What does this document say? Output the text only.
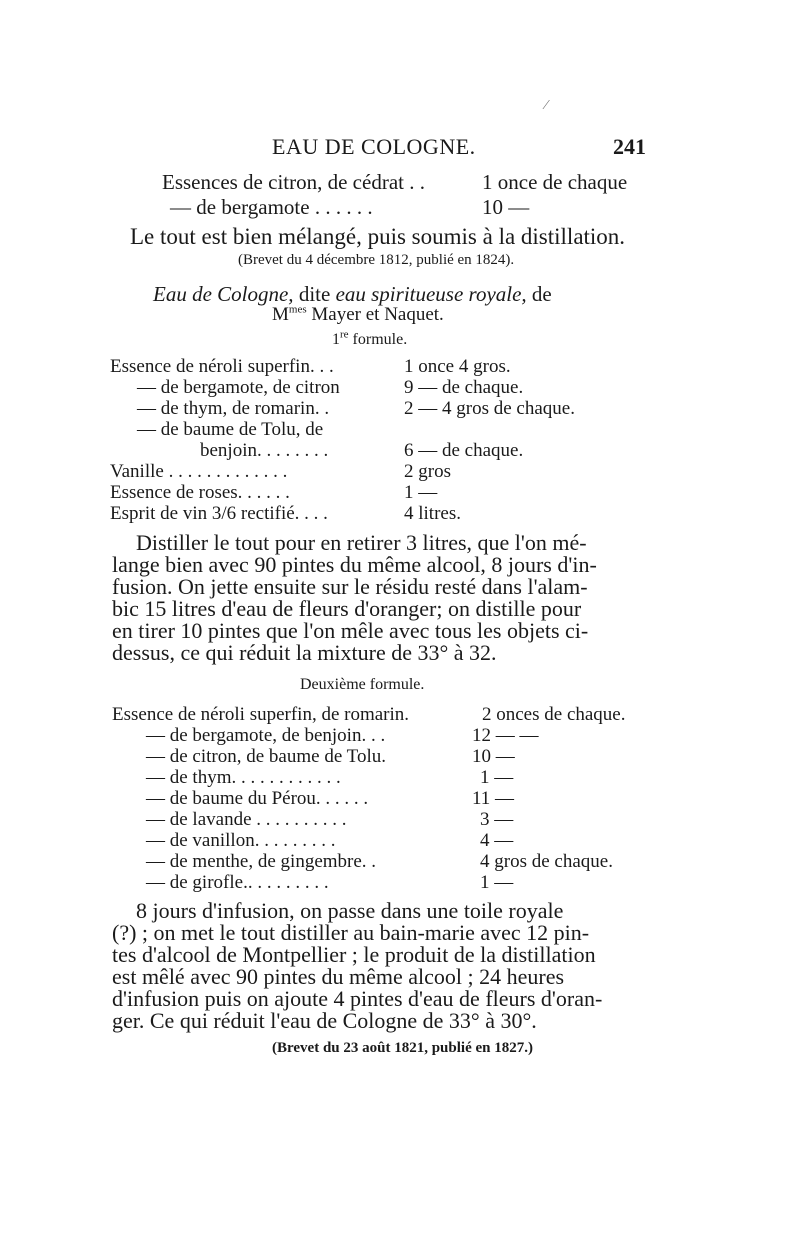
⁄
EAU DE COLOGNE.	241
Essences de citron, de cédrat . .	1 once de chaque
— de bergamote . . . . . .	10 —
Le tout est bien mélangé, puis soumis à la distillation.
(Brevet du 4 décembre 1812, publié en 1824).
Eau de Cologne, dite eau spiritueuse royale, de
$M^{mes}$ Mayer et Naquet.
1re formule.
Essence de néroli superfin. . .	1 once 4 gros.
— de bergamote, de citron	9 — de chaque.
— de thym, de romarin. .	2 — 4 gros de chaque.
— de baume de Tolu, de
benjoin. . . . . . . .	6 — de chaque.
Vanille . . . . . . . . . . . . .	2 gros
Essence de roses. . . . . .	1 —
Esprit de vin 3/6 rectifié. . . .	4 litres.
Distiller le tout pour en retirer 3 litres, que l'on mé-
lange bien avec 90 pintes du même alcool, 8 jours d'in-
fusion. On jette ensuite sur le résidu resté dans l'alam-
bic 15 litres d'eau de fleurs d'oranger; on distille pour
en tirer 10 pintes que l'on mêle avec tous les objets ci-
dessus, ce qui réduit la mixture de 33° à 32.
Deuxième formule.
Essence de néroli superfin, de romarin.	2 onces de chaque.
— de bergamote, de benjoin. . .	12 — —
— de citron, de baume de Tolu.	10 —
— de thym. . . . . . . . . . . .	1 —
— de baume du Pérou. . . . . .	11 —
— de lavande . . . . . . . . . .	3 —
— de vanillon. . . . . . . . .	4 —
— de menthe, de gingembre. .	4 gros de chaque.
— de girofle.. . . . . . . . .	1 —
8 jours d'infusion, on passe dans une toile royale
(?) ; on met le tout distiller au bain-marie avec 12 pin-
tes d'alcool de Montpellier ; le produit de la distillation
est mêlé avec 90 pintes du même alcool ; 24 heures
d'infusion puis on ajoute 4 pintes d'eau de fleurs d'oran-
ger. Ce qui réduit l'eau de Cologne de 33° à 30°.
(Brevet du 23 août 1821, publié en 1827.)
